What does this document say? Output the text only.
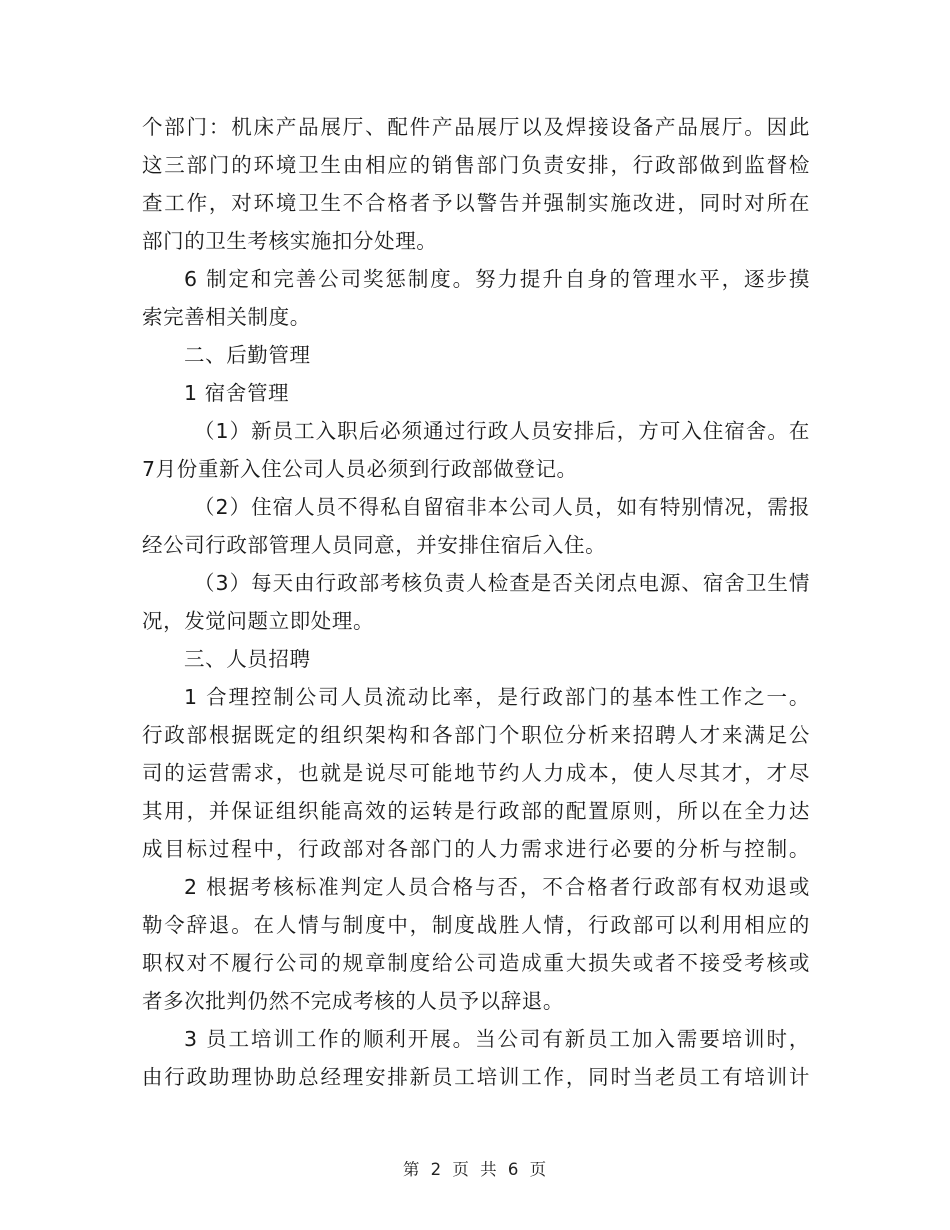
个部门：机床产品展厅、配件产品展厅以及焊接设备产品展厅。因此
这三部门的环境卫生由相应的销售部门负责安排，行政部做到监督检
查工作，对环境卫生不合格者予以警告并强制实施改进，同时对所在
部门的卫生考核实施扣分处理。
6 制定和完善公司奖惩制度。努力提升自身的管理水平，逐步摸
索完善相关制度。
二、后勤管理
1 宿舍管理
（1）新员工入职后必须通过行政人员安排后，方可入住宿舍。在
7月份重新入住公司人员必须到行政部做登记。
（2）住宿人员不得私自留宿非本公司人员，如有特别情况，需报
经公司行政部管理人员同意，并安排住宿后入住。
（3）每天由行政部考核负责人检查是否关闭点电源、宿舍卫生情
况，发觉问题立即处理。
三、人员招聘
1 合理控制公司人员流动比率，是行政部门的基本性工作之一。
行政部根据既定的组织架构和各部门个职位分析来招聘人才来满足公
司的运营需求，也就是说尽可能地节约人力成本，使人尽其才，才尽
其用，并保证组织能高效的运转是行政部的配置原则，所以在全力达
成目标过程中，行政部对各部门的人力需求进行必要的分析与控制。
2 根据考核标准判定人员合格与否，不合格者行政部有权劝退或
勒令辞退。在人情与制度中，制度战胜人情，行政部可以利用相应的
职权对不履行公司的规章制度给公司造成重大损失或者不接受考核或
者多次批判仍然不完成考核的人员予以辞退。
3 员工培训工作的顺利开展。当公司有新员工加入需要培训时，
由行政助理协助总经理安排新员工培训工作，同时当老员工有培训计
第 2 页 共 6 页
